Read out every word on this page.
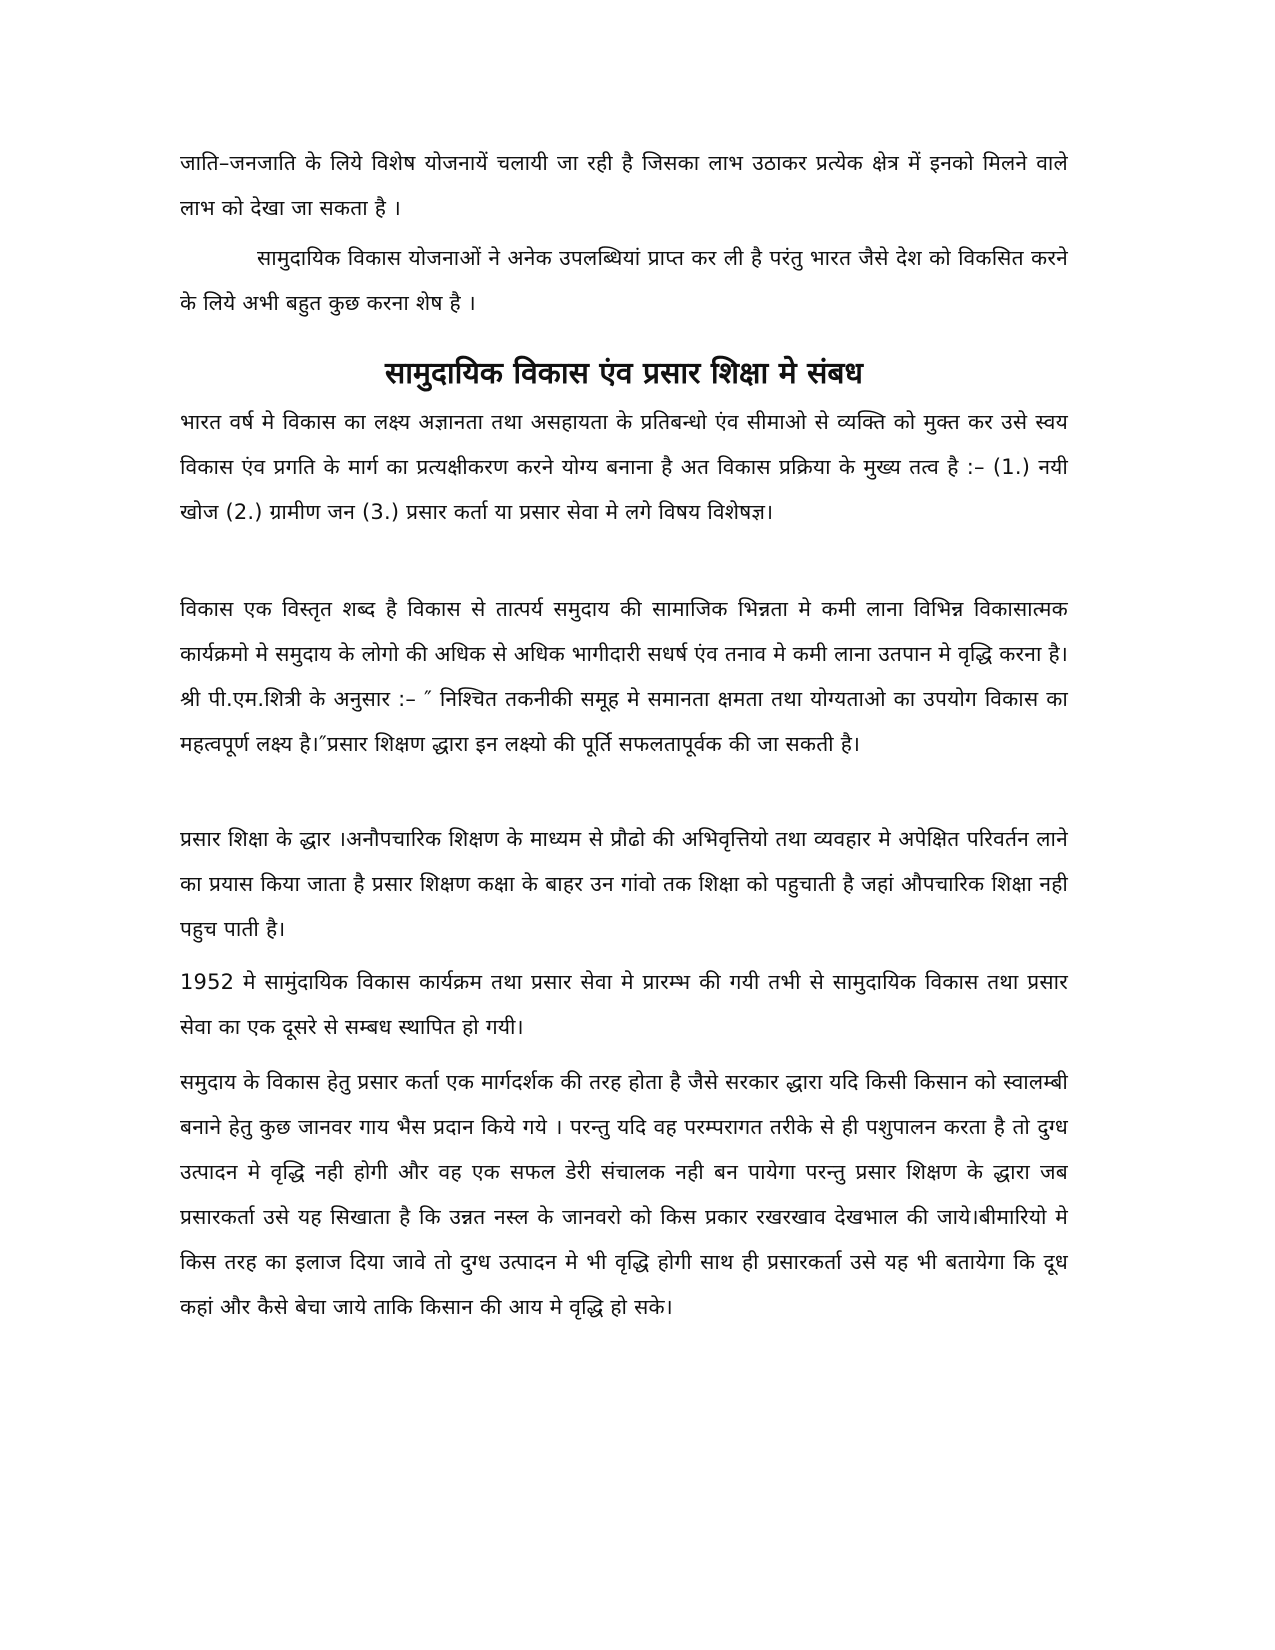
जाति–जनजाति के लिये विशेष योजनायें चलायी जा रही है जिसका लाभ उठाकर प्रत्येक क्षेत्र में इनको मिलने वाले लाभ को देखा जा सकता है ।

सामुदायिक विकास योजनाओं ने अनेक उपलब्धियां प्राप्त कर ली है परंतु भारत जैसे देश को विकसित करने के लिये अभी बहुत कुछ करना शेष है ।

सामुदायिक विकास एंव प्रसार शिक्षा मे संबध

भारत वर्ष मे विकास का लक्ष्य अज्ञानता तथा असहायता के प्रतिबन्धो एंव सीमाओ से व्यक्ति को मुक्त कर उसे स्वय विकास एंव प्रगति के मार्ग का प्रत्यक्षीकरण करने योग्य बनाना है अत विकास प्रक्रिया के मुख्य तत्व है :– (1.) नयी खोज (2.) ग्रामीण जन (3.) प्रसार कर्ता या प्रसार सेवा मे लगे विषय विशेषज्ञ।

विकास एक विस्तृत शब्द है विकास से तात्पर्य समुदाय की सामाजिक भिन्नता मे कमी लाना विभिन्न विकासात्मक कार्यक्रमो मे समुदाय के लोगो की अधिक से अधिक भागीदारी सधर्ष एंव तनाव मे कमी लाना उतपान मे वृद्धि करना है। श्री पी.एम.शित्री के अनुसार :– ″ निश्चित तकनीकी समूह मे समानता क्षमता तथा योग्यताओ का उपयोग विकास का महत्वपूर्ण लक्ष्य है।″प्रसार शिक्षण द्धारा इन लक्ष्यो की पूर्ति सफलतापूर्वक की जा सकती है।

प्रसार शिक्षा के द्धार ।अनौपचारिक शिक्षण के माध्यम से प्रौढो की अभिवृत्तियो तथा व्यवहार मे अपेक्षित परिवर्तन लाने का प्रयास किया जाता है प्रसार शिक्षण कक्षा के बाहर उन गांवो तक शिक्षा को पहुचाती है जहां औपचारिक शिक्षा नही पहुच पाती है।

1952 मे सामुंदायिक विकास कार्यक्रम तथा प्रसार सेवा मे प्रारम्भ की गयी तभी से सामुदायिक विकास तथा प्रसार सेवा का एक दूसरे से सम्बध स्थापित हो गयी।

समुदाय के विकास हेतु प्रसार कर्ता एक मार्गदर्शक की तरह होता है जैसे सरकार द्धारा यदि किसी किसान को स्वालम्बी बनाने हेतु कुछ जानवर गाय भैस प्रदान किये गये । परन्तु यदि वह परम्परागत तरीके से ही पशुपालन करता है तो दुग्ध उत्पादन मे वृद्धि नही होगी और वह एक सफल डेरी संचालक नही बन पायेगा परन्तु प्रसार शिक्षण के द्धारा जब प्रसारकर्ता उसे यह सिखाता है कि उन्नत नस्ल के जानवरो को किस प्रकार रखरखाव देखभाल की जाये।बीमारियो मे किस तरह का इलाज दिया जावे तो दुग्ध उत्पादन मे भी वृद्धि होगी साथ ही प्रसारकर्ता उसे यह भी बतायेगा कि दूध कहां और कैसे बेचा जाये ताकि किसान की आय मे वृद्धि हो सके।
